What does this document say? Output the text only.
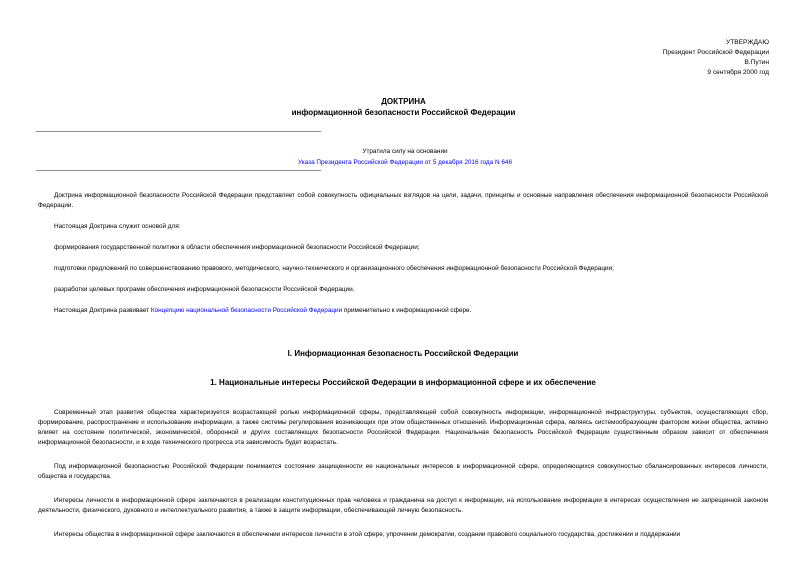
УТВЕРЖДАЮ
Президент Российской Федерации
В.Путин
9 сентября 2000 год
ДОКТРИНА
информационной безопасности Российской Федерации
Утратила силу на основании
Указа Президента Российской Федерации от 5 декабря 2016 года N 646

Доктрина информационной безопасности Российской Федерации представляет собой совокупность официальных взглядов на цели, задачи, принципы и основные направления обеспечения информационной безопасности Российской Федерации.

Настоящая Доктрина служит основой для:

формирования государственной политики в области обеспечения информационной безопасности Российской Федерации;

подготовки предложений по совершенствованию правового, методического, научно-технического и организационного обеспечения информационной безопасности Российской Федерации;

разработки целевых программ обеспечения информационной безопасности Российской Федерации.

Настоящая Доктрина развивает Концепцию национальной безопасности Российской Федерации применительно к информационной сфере.

I. Информационная безопасность Российской Федерации
1. Национальные интересы Российской Федерации в информационной сфере и их обеспечение

Современный этап развития общества характеризуется возрастающей ролью информационной сферы, представляющей собой совокупность информации, информационной инфраструктуры, субъектов, осуществляющих сбор, формирование, распространение и использование информации, а также системы регулирования возникающих при этом общественных отношений. Информационная сфера, являясь системообразующим фактором жизни общества, активно влияет на состояние политической, экономической, оборонной и других составляющих безопасности Российской Федерации. Национальная безопасность Российской Федерации существенным образом зависит от обеспечения информационной безопасности, и в ходе технического прогресса эта зависимость будет возрастать.

Под информационной безопасностью Российской Федерации понимается состояние защищенности ее национальных интересов в информационной сфере, определяющихся совокупностью сбалансированных интересов личности, общества и государства.

Интересы личности в информационной сфере заключаются в реализации конституционных прав человека и гражданина на доступ к информации, на использование информации в интересах осуществления не запрещенной законом деятельности, физического, духовного и интеллектуального развития, а также в защите информации, обеспечивающей личную безопасность.

Интересы общества в информационной сфере заключаются в обеспечении интересов личности в этой сфере, упрочении демократии, создании правового социального государства, достижении и поддержании
